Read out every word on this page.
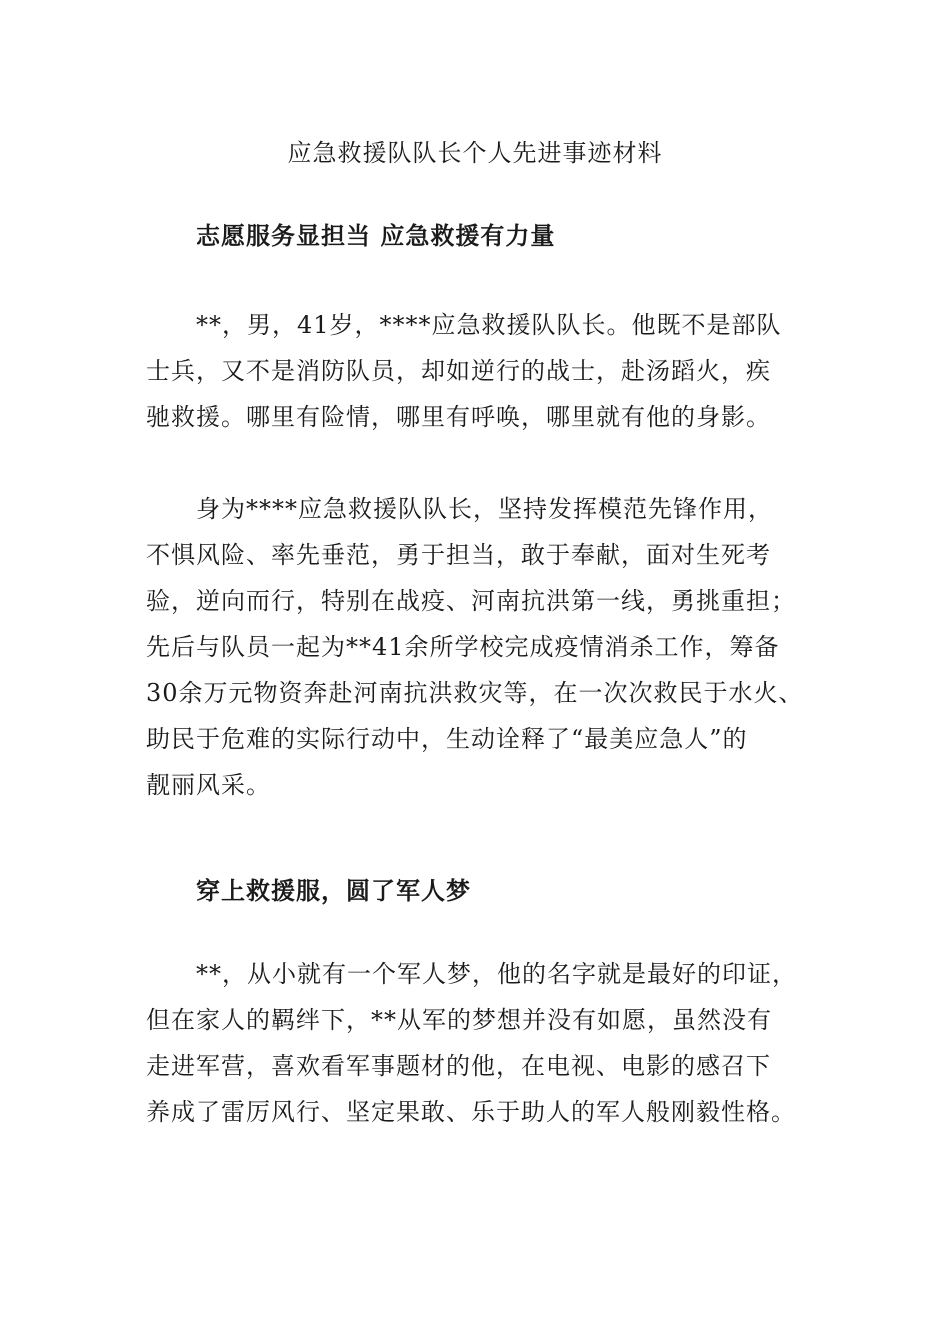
应急救援队队长个人先进事迹材料
志愿服务显担当 应急救援有力量
　　**，男，41岁，****应急救援队队长。他既不是部队
士兵，又不是消防队员，却如逆行的战士，赴汤蹈火，疾
驰救援。哪里有险情，哪里有呼唤，哪里就有他的身影。
　　身为****应急救援队队长，坚持发挥模范先锋作用，
不惧风险、率先垂范，勇于担当，敢于奉献，面对生死考
验，逆向而行，特别在战疫、河南抗洪第一线，勇挑重担；
先后与队员一起为**41余所学校完成疫情消杀工作，筹备
30余万元物资奔赴河南抗洪救灾等，在一次次救民于水火、
助民于危难的实际行动中，生动诠释了“最美应急人”的
靓丽风采。
穿上救援服，圆了军人梦
　　**，从小就有一个军人梦，他的名字就是最好的印证，
但在家人的羁绊下，**从军的梦想并没有如愿，虽然没有
走进军营，喜欢看军事题材的他，在电视、电影的感召下
养成了雷厉风行、坚定果敢、乐于助人的军人般刚毅性格。
